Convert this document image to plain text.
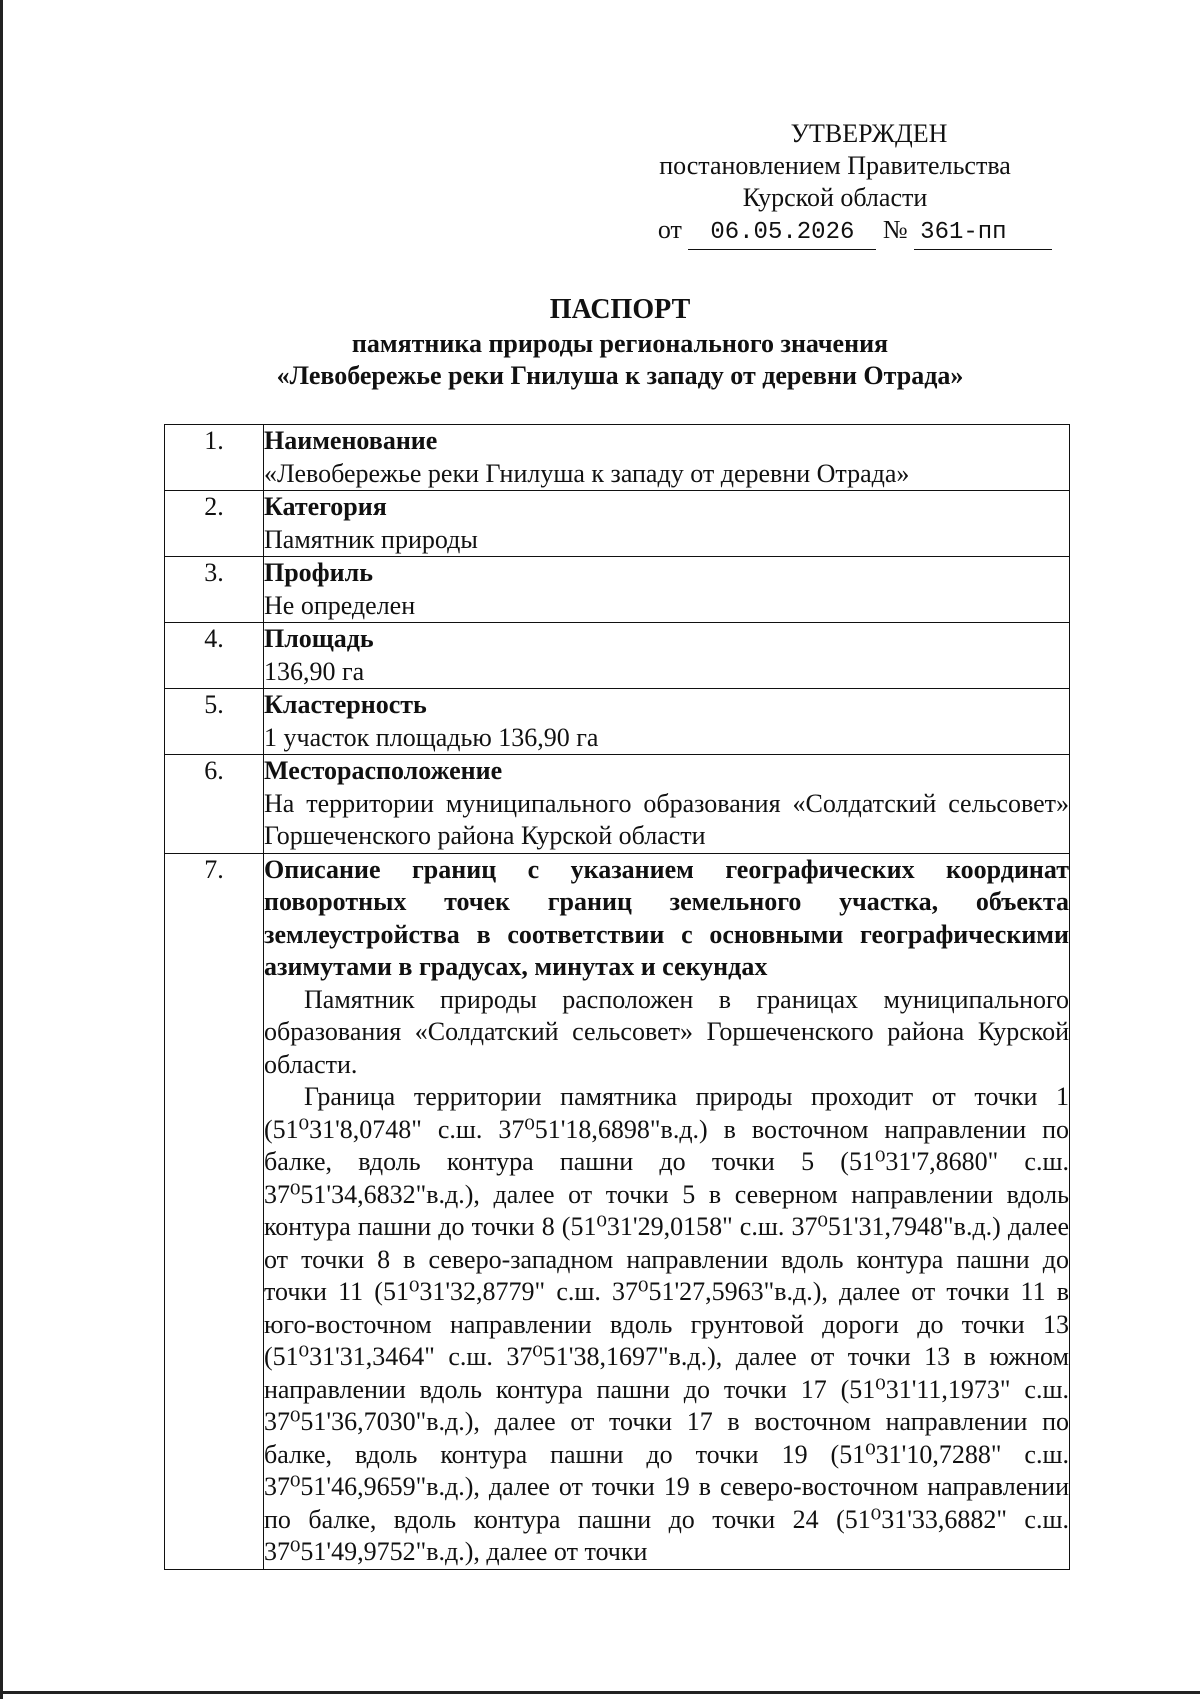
УТВЕРЖДЕН
постановлением Правительства
Курской области
от 06.05.2026 № 361-пп
ПАСПОРТ
памятника природы регионального значения
«Левобережье реки Гнилуша к западу от деревни Отрада»
1.	Наименование
«Левобережье реки Гнилуша к западу от деревни Отрада»

2.	Категория
Памятник природы

3.	Профиль
Не определен

4.	Площадь
136,90 га

5.	Кластерность
1 участок площадью 136,90 га

6.	Месторасположение
На территории муниципального образования «Солдатский сельсовет» Горшеченского района Курской области

7.	Описание границ с указанием географических координат поворотных точек границ земельного участка, объекта землеустройства в соответствии с основными географическими азимутами в градусах, минутах и секундах
Памятник природы расположен в границах муниципального образования «Солдатский сельсовет» Горшеченского района Курской области.
Граница территории памятника природы проходит от точки 1 (51⁰31'8,0748" с.ш. 37⁰51'18,6898"в.д.) в восточном направлении по балке, вдоль контура пашни до точки 5 (51⁰31'7,8680" с.ш. 37⁰51'34,6832"в.д.), далее от точки 5 в северном направлении вдоль контура пашни до точки 8 (51⁰31'29,0158" с.ш. 37⁰51'31,7948"в.д.) далее от точки 8 в северо-западном направлении вдоль контура пашни до точки 11 (51⁰31'32,8779" с.ш. 37⁰51'27,5963"в.д.), далее от точки 11 в юго-восточном направлении вдоль грунтовой дороги до точки 13 (51⁰31'31,3464" с.ш. 37⁰51'38,1697"в.д.), далее от точки 13 в южном направлении вдоль контура пашни до точки 17 (51⁰31'11,1973" с.ш. 37⁰51'36,7030"в.д.), далее от точки 17 в восточном направлении по балке, вдоль контура пашни до точки 19 (51⁰31'10,7288" с.ш. 37⁰51'46,9659"в.д.), далее от точки 19 в северо-восточном направлении по балке, вдоль контура пашни до точки 24 (51⁰31'33,6882" с.ш. 37⁰51'49,9752"в.д.), далее от точки
